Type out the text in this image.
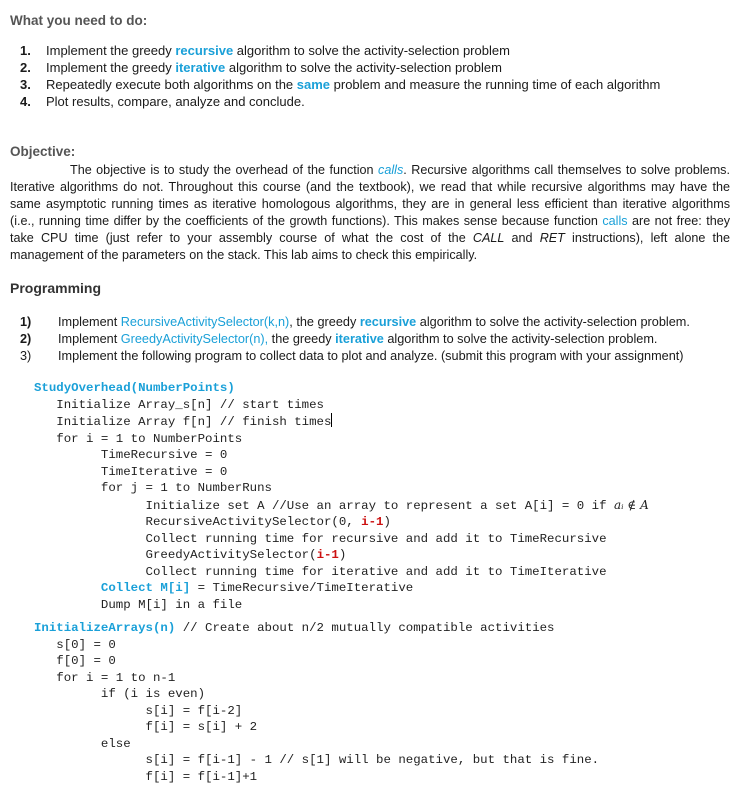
What you need to do:
1. Implement the greedy recursive algorithm to solve the activity-selection problem
2. Implement the greedy iterative algorithm to solve the activity-selection problem
3. Repeatedly execute both algorithms on the same problem and measure the running time of each algorithm
4. Plot results, compare, analyze and conclude.
Objective:

The objective is to study the overhead of the function calls. Recursive algorithms call themselves to solve problems. Iterative algorithms do not. Throughout this course (and the textbook), we read that while recursive algorithms may have the same asymptotic running times as iterative homologous algorithms, they are in general less efficient than iterative algorithms (i.e., running time differ by the coefficients of the growth functions). This makes sense because function calls are not free: they take CPU time (just refer to your assembly course of what the cost of the CALL and RET instructions), left alone the management of the parameters on the stack. This lab aims to check this empirically.

Programming
1) Implement RecursiveActivitySelector(k,n), the greedy recursive algorithm to solve the activity-selection problem.
2) Implement GreedyActivitySelector(n), the greedy iterative algorithm to solve the activity-selection problem.
3) Implement the following program to collect data to plot and analyze. (submit this program with your assignment)
StudyOverhead(NumberPoints)
Initialize Array_s[n] // start times
Initialize Array f[n] // finish times
for i = 1 to NumberPoints
TimeRecursive = 0
TimeIterative = 0
for j = 1 to NumberRuns
Initialize set A //Use an array to represent a set A[i] = 0 if aᵢ ∉ A
RecursiveActivitySelector(0, i-1)
Collect running time for recursive and add it to TimeRecursive
GreedyActivitySelector(i-1)
Collect running time for iterative and add it to TimeIterative
Collect M[i] = TimeRecursive/TimeIterative
Dump M[i] in a file
InitializeArrays(n) // Create about n/2 mutually compatible activities
s[0] = 0
f[0] = 0
for i = 1 to n-1
if (i is even)
s[i] = f[i-2]
f[i] = s[i] + 2
else
s[i] = f[i-1] - 1 // s[1] will be negative, but that is fine.
f[i] = f[i-1]+1
